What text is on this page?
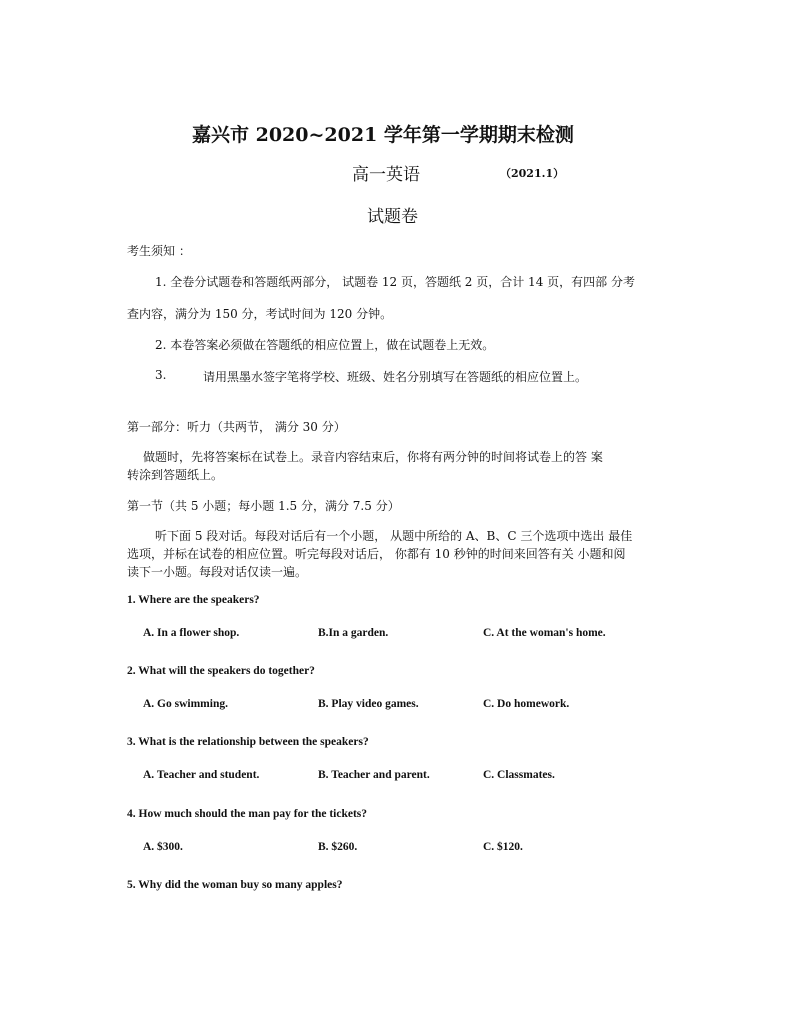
嘉兴市 2020~2021 学年第一学期期末检测
高一英语	（2021.1）
试题卷
考生须知 ：
1. 全卷分试题卷和答题纸两部分， 试题卷 12 页，答题纸 2 页，合计 14 页，有四部 分考
查内容，满分为 150 分，考试时间为 120 分钟。
2. 本卷答案必须做在答题纸的相应位置上，做在试题卷上无效。
3.	请用黑墨水签字笔将学校、班级、姓名分别填写在答题纸的相应位置上。
第一部分：听力（共两节， 满分 30 分）
做题时，先将答案标在试卷上。录音内容结束后，你将有两分钟的时间将试卷上的答 案
转涂到答题纸上。
第一节（共 5 小题；每小题 1.5 分，满分 7.5 分）
听下面 5 段对话。每段对话后有一个小题， 从题中所给的 A、B、C 三个选项中选出 最佳
选项，并标在试卷的相应位置。听完每段对话后， 你都有 10 秒钟的时间来回答有关 小题和阅
读下一小题。每段对话仅读一遍。
1. Where are the speakers?
A. In a flower shop.	B.In a garden.	C. At the woman's home.
2. What will the speakers do together?
A. Go swimming.	B. Play video games.	C. Do homework.
3. What is the relationship between the speakers?
A. Teacher and student.	B. Teacher and parent.	C. Classmates.
4. How much should the man pay for the tickets?
A. $300.	B. $260.	C. $120.
5. Why did the woman buy so many apples?
